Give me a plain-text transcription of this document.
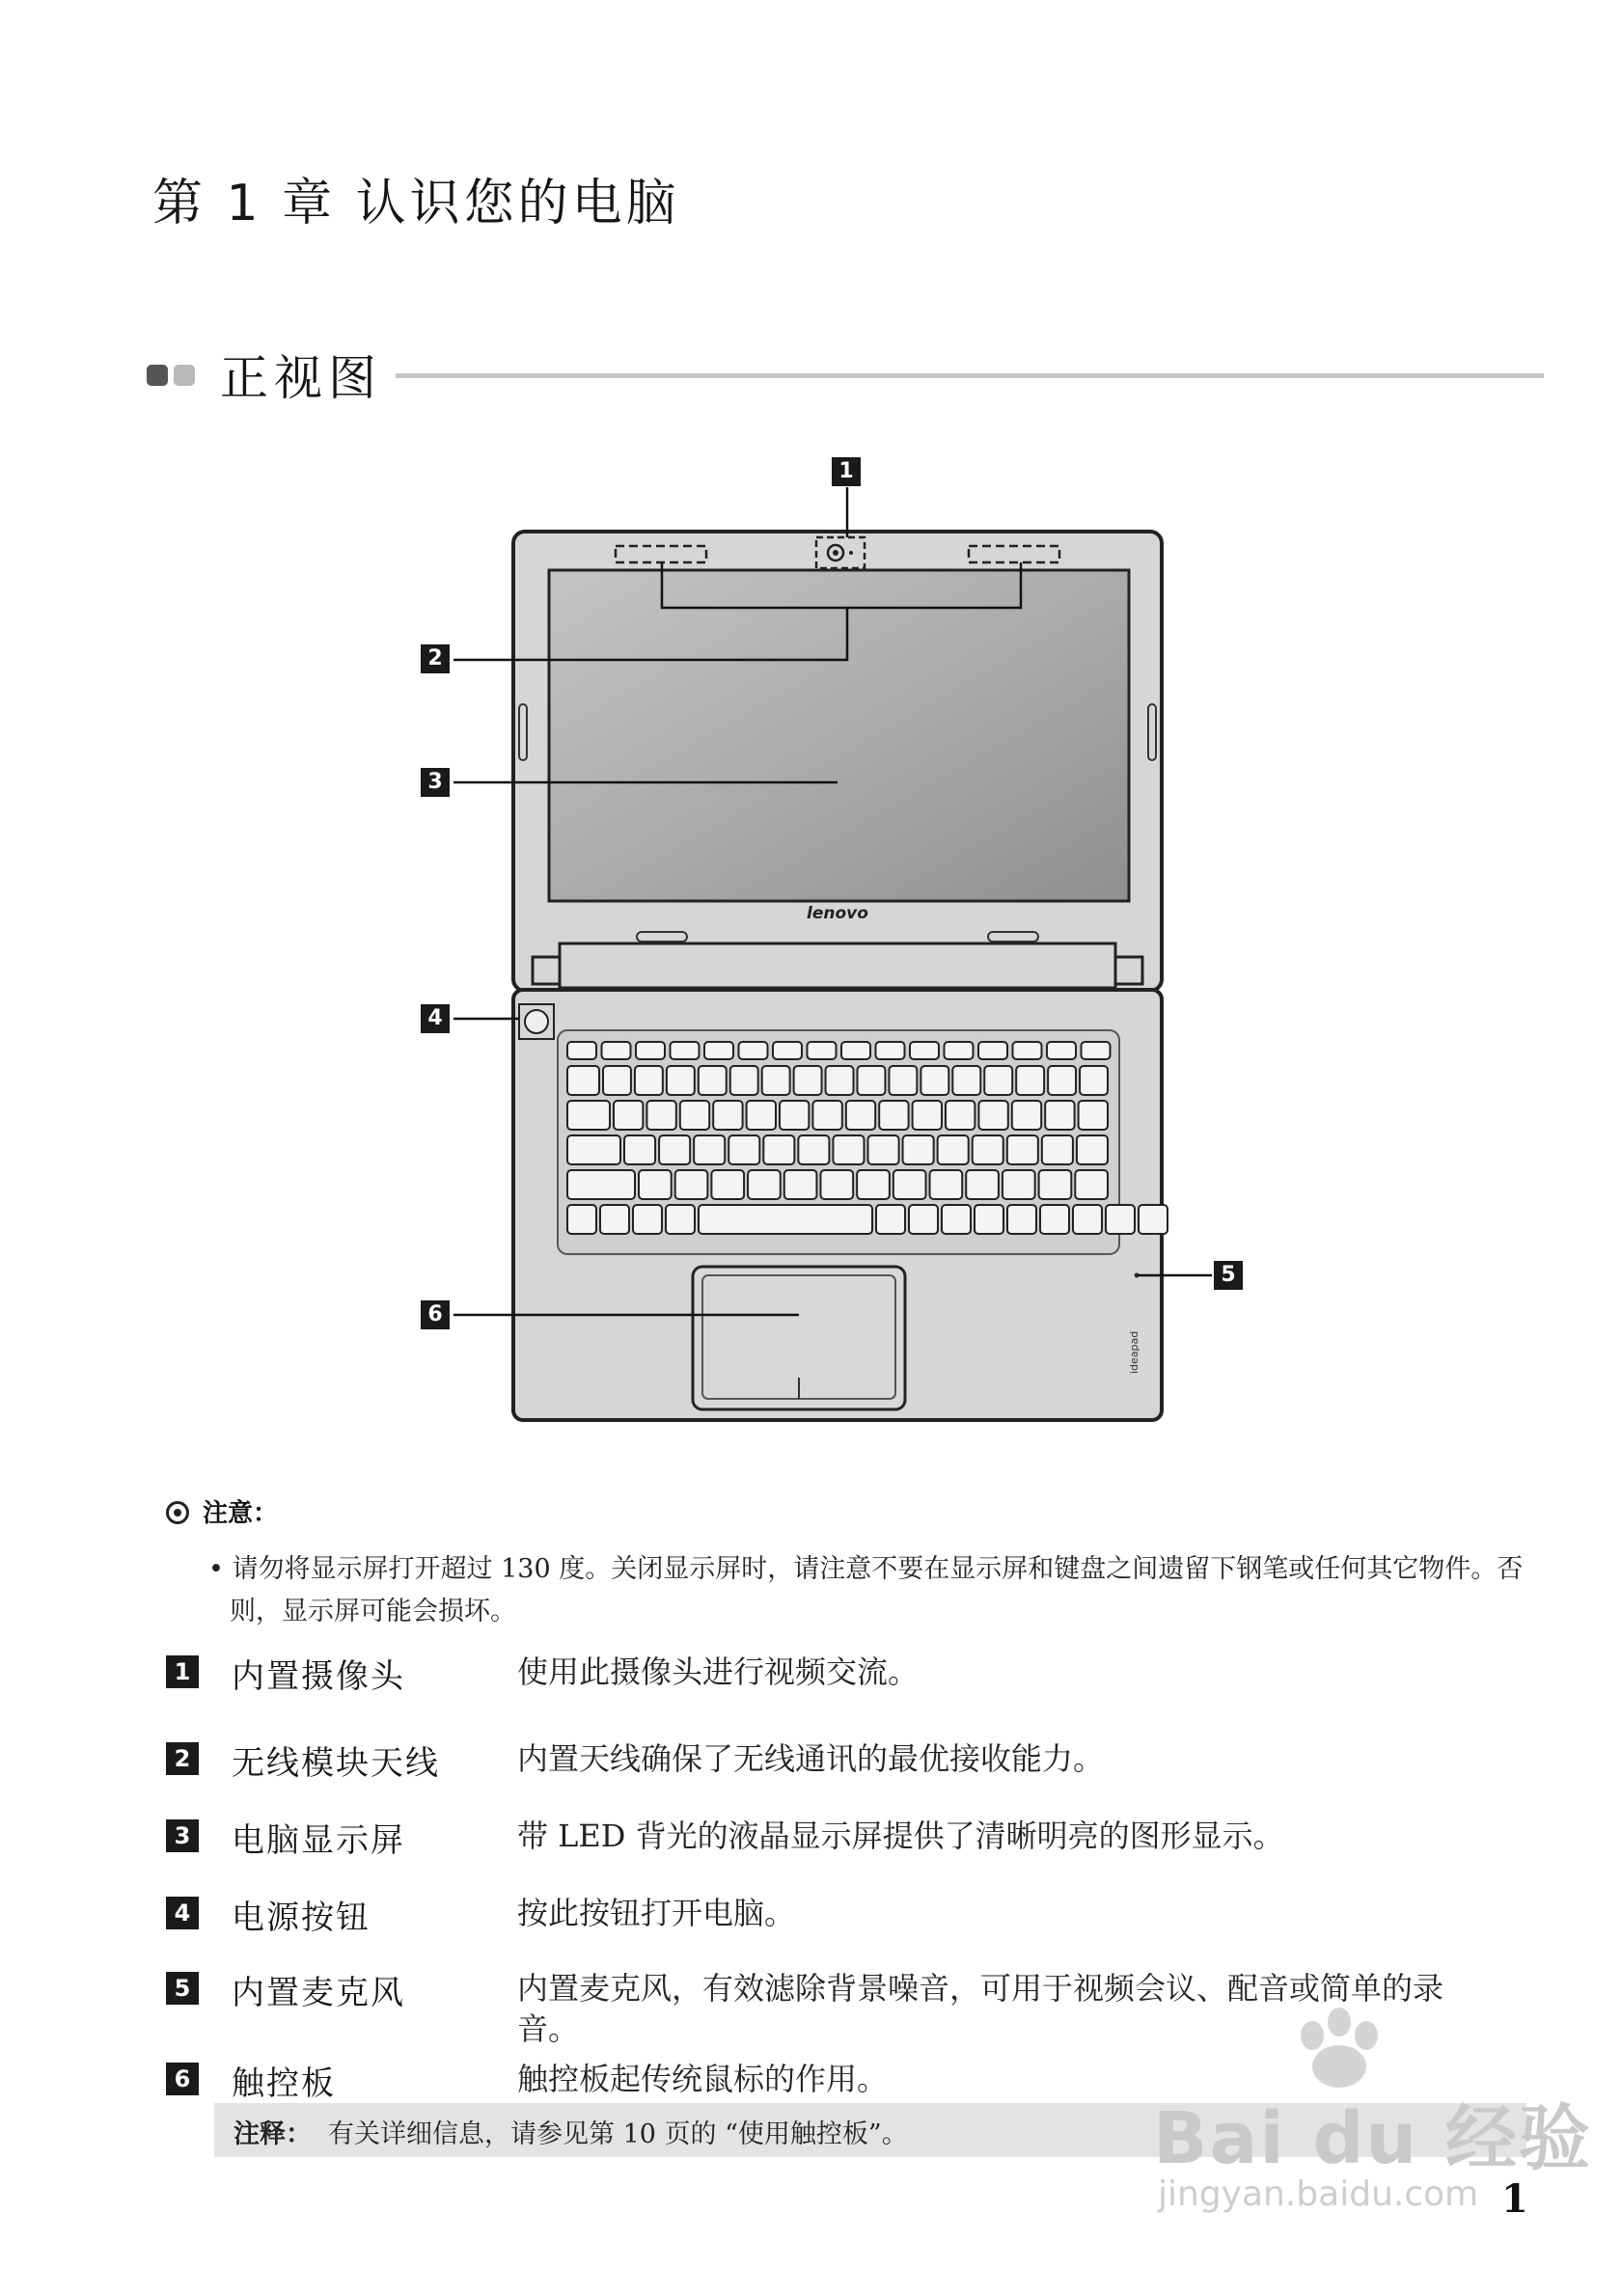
第 1 章 认识您的电脑
正视图
lenovo
ideapad
1
2
3
4
5
6
注意：
• 请勿将显示屏打开超过 130 度。关闭显示屏时，请注意不要在显示屏和键盘之间遗留下钢笔或任何其它物件。否则，显示屏可能会损坏。
1 内置摄像头	使用此摄像头进行视频交流。
2 无线模块天线	内置天线确保了无线通讯的最优接收能力。
3 电脑显示屏	带 LED 背光的液晶显示屏提供了清晰明亮的图形显示。
4 电源按钮	按此按钮打开电脑。
5 内置麦克风	内置麦克风，有效滤除背景噪音，可用于视频会议、配音或简单的录音。
6 触控板	触控板起传统鼠标的作用。
注释： 有关详细信息，请参见第 10 页的 “使用触控板”。	Bai du 经验
jingyan.baidu.com 1
